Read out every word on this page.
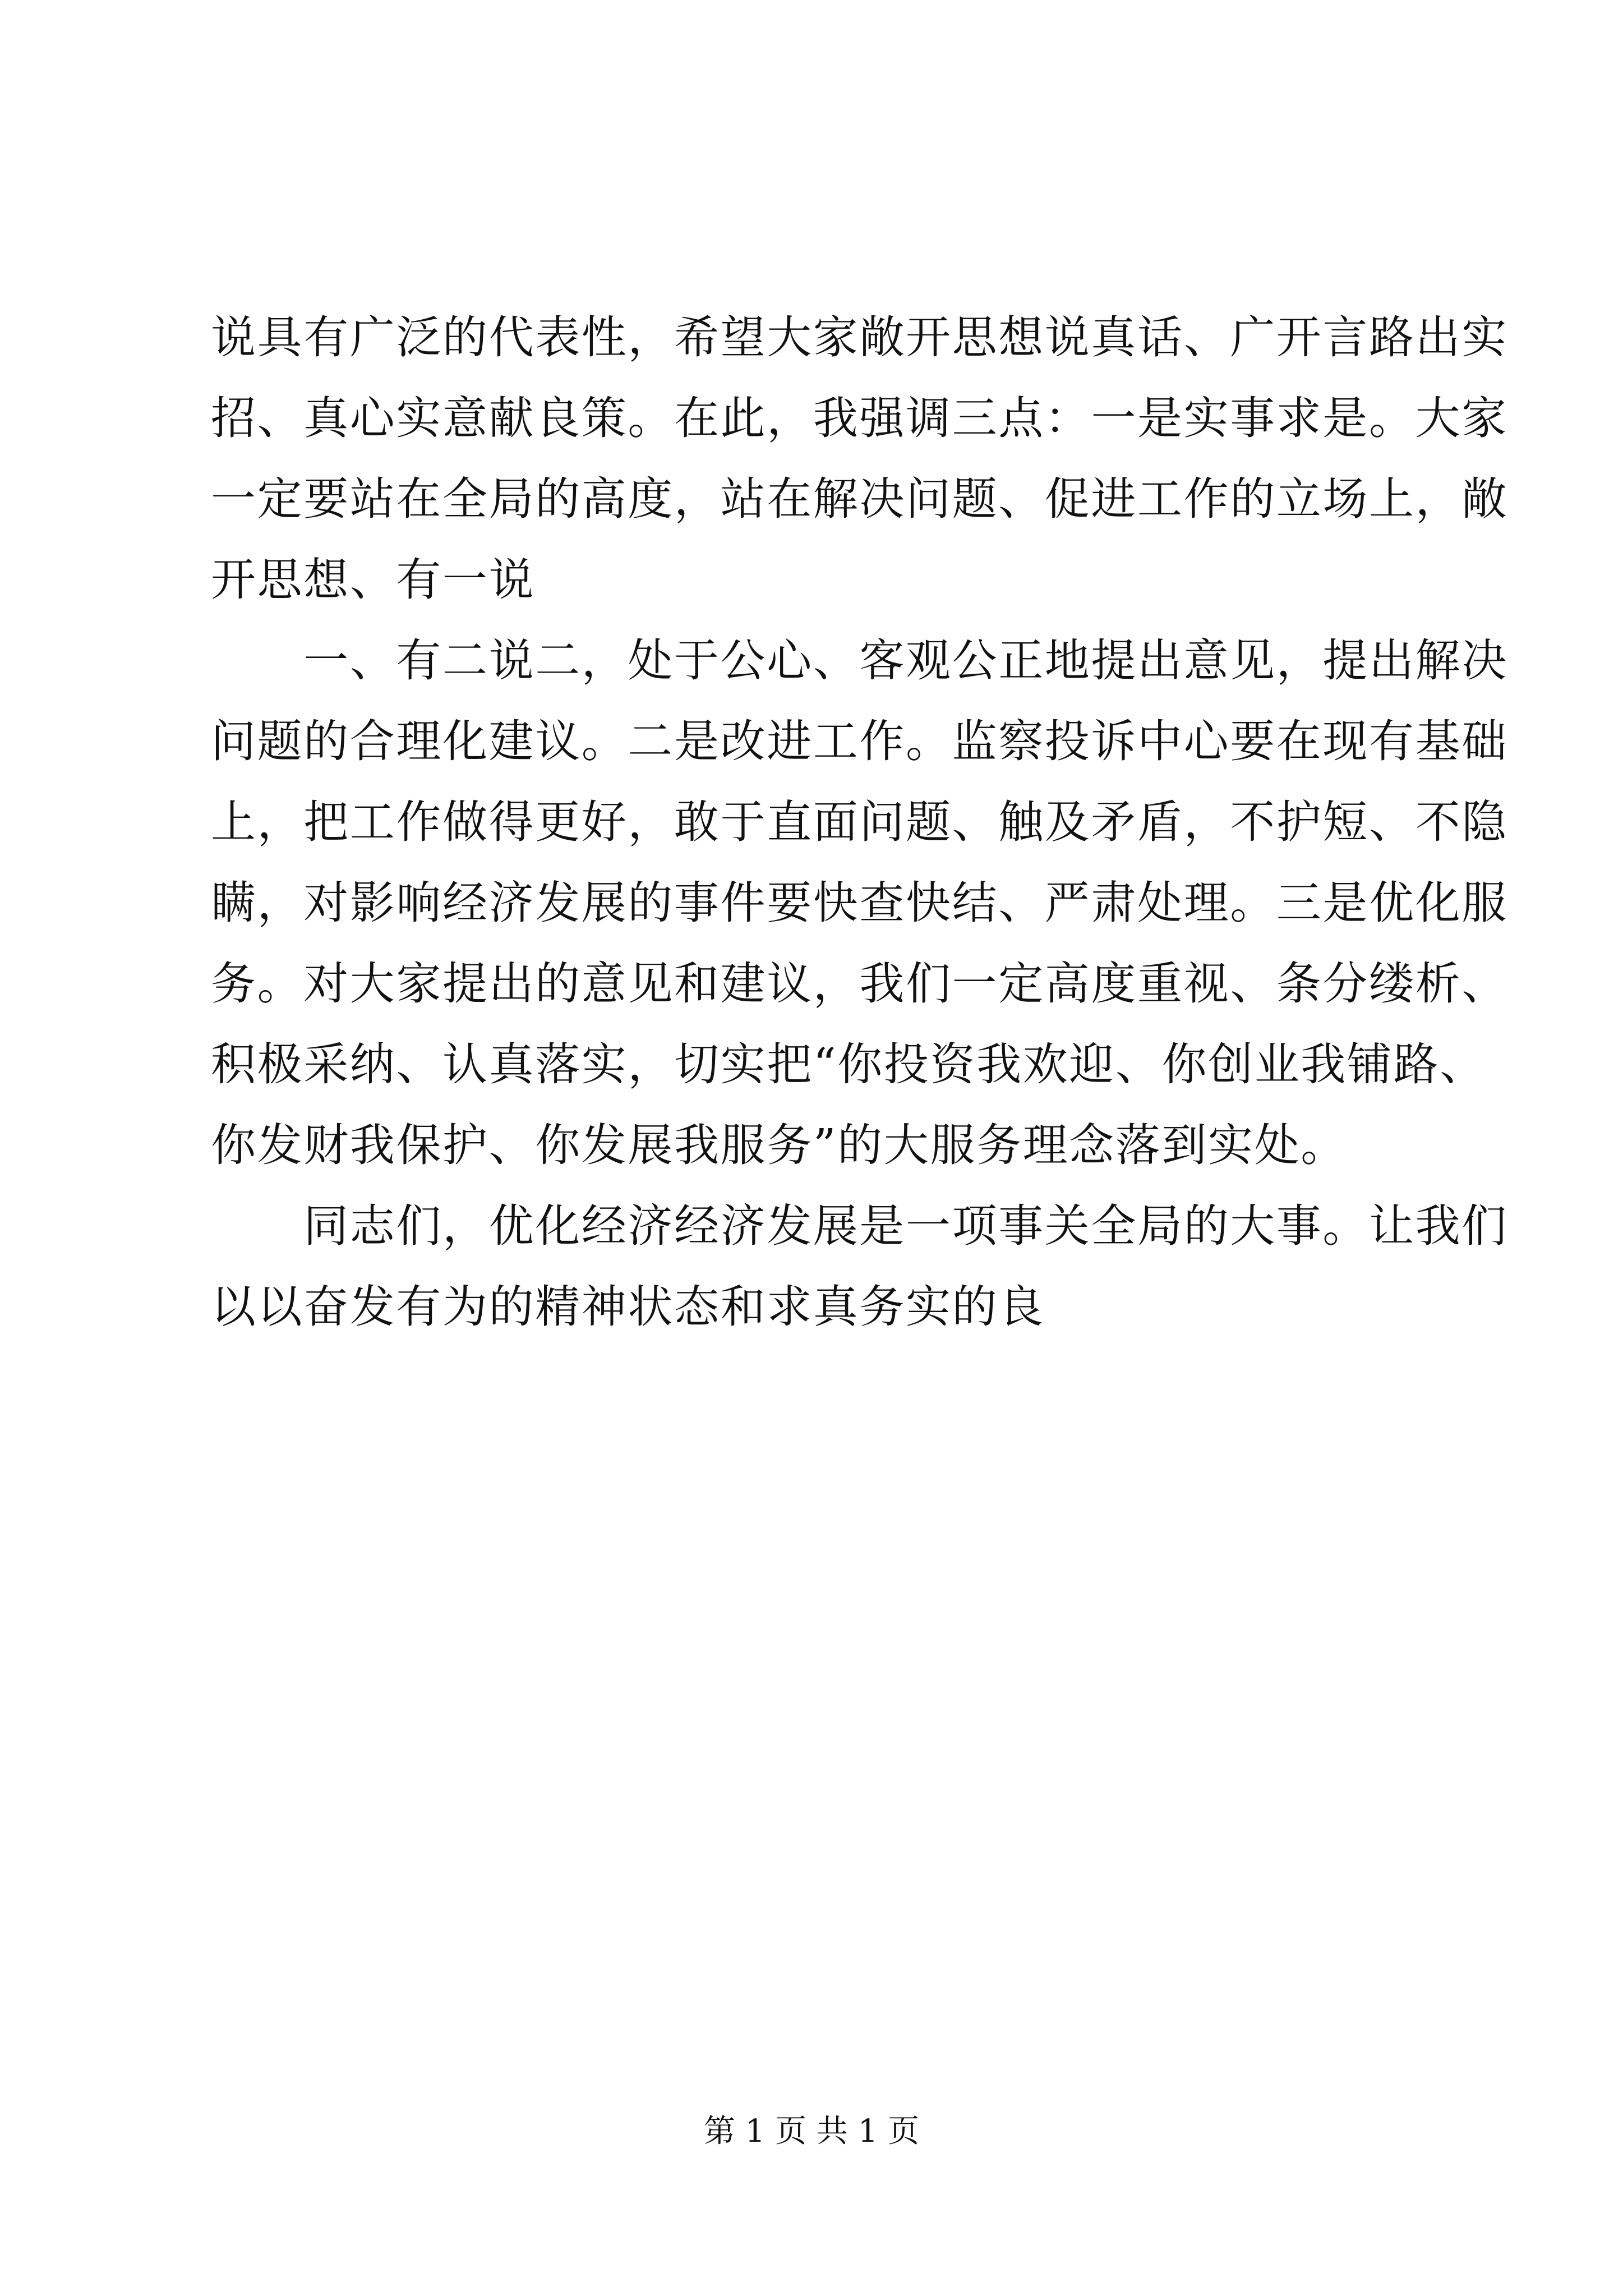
说具有广泛的代表性，希望大家敞开思想说真话、广开言路出实
招、真心实意献良策。在此，我强调三点：一是实事求是。大家
一定要站在全局的高度，站在解决问题、促进工作的立场上，敞
开思想、有一说
　　一、有二说二，处于公心、客观公正地提出意见，提出解决
问题的合理化建议。二是改进工作。监察投诉中心要在现有基础
上，把工作做得更好，敢于直面问题、触及矛盾，不护短、不隐
瞒，对影响经济发展的事件要快查快结、严肃处理。三是优化服
务。对大家提出的意见和建议，我们一定高度重视、条分缕析、
积极采纳、认真落实，切实把“你投资我欢迎、你创业我铺路、
你发财我保护、你发展我服务”的大服务理念落到实处。
　　同志们，优化经济经济发展是一项事关全局的大事。让我们
以以奋发有为的精神状态和求真务实的良
第 1 页 共 1 页
